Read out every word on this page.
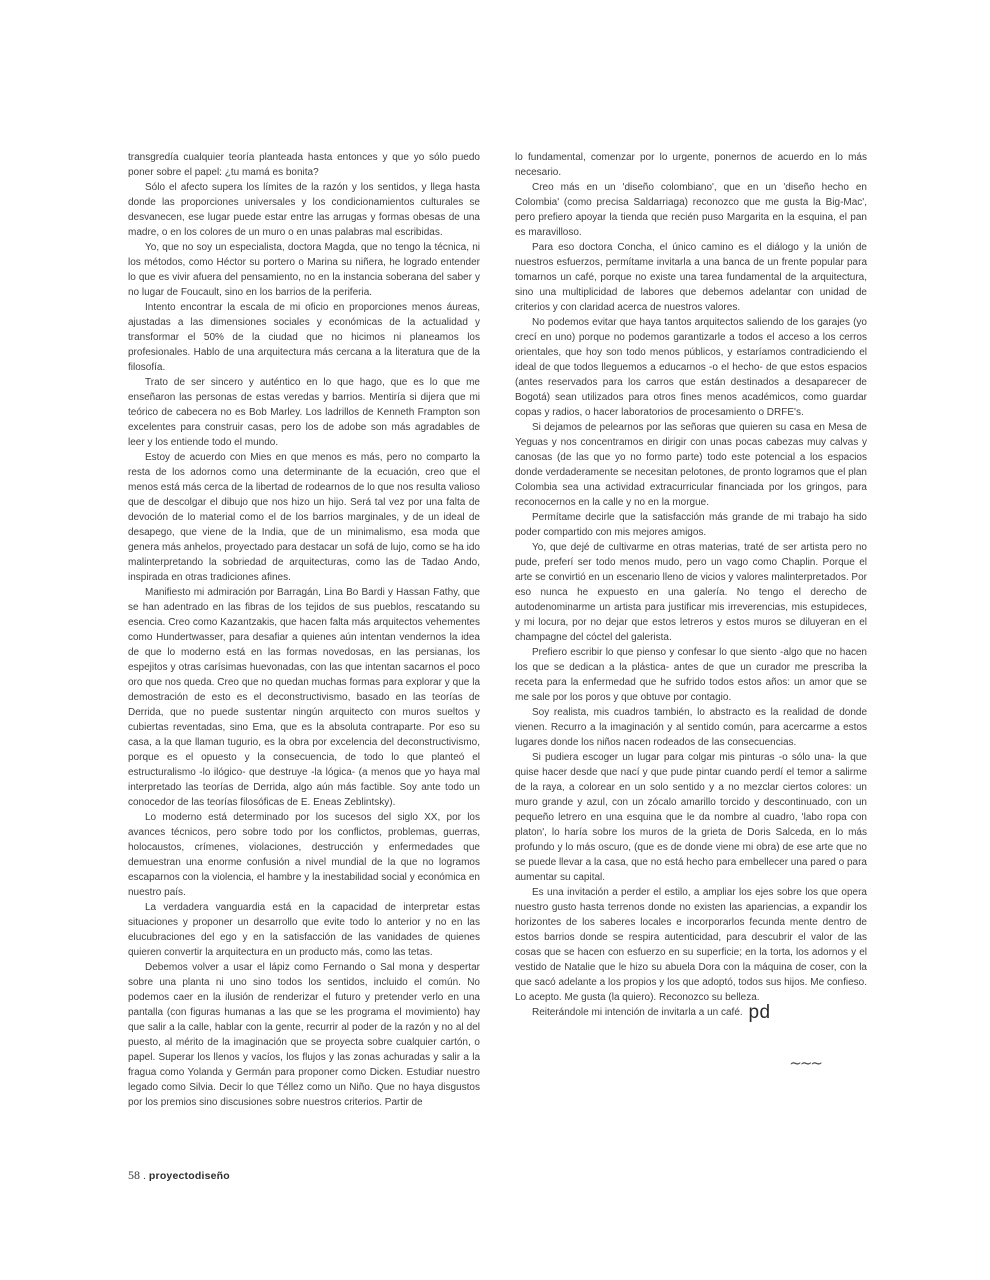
transgredía cualquier teoría planteada hasta entonces y que yo sólo puedo poner sobre el papel: ¿tu mamá es bonita?

Sólo el afecto supera los límites de la razón y los sentidos, y llega hasta donde las proporciones universales y los condicionamientos culturales se desvanecen, ese lugar puede estar entre las arrugas y formas obesas de una madre, o en los colores de un muro o en unas palabras mal escribidas.

Yo, que no soy un especialista, doctora Magda, que no tengo la técnica, ni los métodos, como Héctor su portero o Marina su niñera, he logrado entender lo que es vivir afuera del pensamiento, no en la instancia soberana del saber y no lugar de Foucault, sino en los barrios de la periferia.

Intento encontrar la escala de mi oficio en proporciones menos áureas, ajustadas a las dimensiones sociales y económicas de la actualidad y transformar el 50% de la ciudad que no hicimos ni planeamos los profesionales. Hablo de una arquitectura más cercana a la literatura que de la filosofía.

Trato de ser sincero y auténtico en lo que hago, que es lo que me enseñaron las personas de estas veredas y barrios. Mentiría si dijera que mi teórico de cabecera no es Bob Marley. Los ladrillos de Kenneth Frampton son excelentes para construir casas, pero los de adobe son más agradables de leer y los entiende todo el mundo.

Estoy de acuerdo con Mies en que menos es más, pero no comparto la resta de los adornos como una determinante de la ecuación, creo que el menos está más cerca de la libertad de rodearnos de lo que nos resulta valioso que de descolgar el dibujo que nos hizo un hijo. Será tal vez por una falta de devoción de lo material como el de los barrios marginales, y de un ideal de desapego, que viene de la India, que de un minimalismo, esa moda que genera más anhelos, proyectado para destacar un sofá de lujo, como se ha ido malinterpretando la sobriedad de arquitecturas, como las de Tadao Ando, inspirada en otras tradiciones afines.

Manifiesto mi admiración por Barragán, Lina Bo Bardi y Hassan Fathy, que se han adentrado en las fibras de los tejidos de sus pueblos, rescatando su esencia. Creo como Kazantzakis, que hacen falta más arquitectos vehementes como Hundertwasser, para desafiar a quienes aún intentan vendernos la idea de que lo moderno está en las formas novedosas, en las persianas, los espejitos y otras carísimas huevonadas, con las que intentan sacarnos el poco oro que nos queda. Creo que no quedan muchas formas para explorar y que la demostración de esto es el deconstructivismo, basado en las teorías de Derrida, que no puede sustentar ningún arquitecto con muros sueltos y cubiertas reventadas, sino Ema, que es la absoluta contraparte. Por eso su casa, a la que llaman tugurio, es la obra por excelencia del deconstructivismo, porque es el opuesto y la consecuencia, de todo lo que planteó el estructuralismo -lo ilógico- que destruye -la lógica- (a menos que yo haya mal interpretado las teorías de Derrida, algo aún más factible. Soy ante todo un conocedor de las teorías filosóficas de E. Eneas Zeblintsky).

Lo moderno está determinado por los sucesos del siglo XX, por los avances técnicos, pero sobre todo por los conflictos, problemas, guerras, holocaustos, crímenes, violaciones, destrucción y enfermedades que demuestran una enorme confusión a nivel mundial de la que no logramos escaparnos con la violencia, el hambre y la inestabilidad social y económica en nuestro país.

La verdadera vanguardia está en la capacidad de interpretar estas situaciones y proponer un desarrollo que evite todo lo anterior y no en las elucubraciones del ego y en la satisfacción de las vanidades de quienes quieren convertir la arquitectura en un producto más, como las tetas.

Debemos volver a usar el lápiz como Fernando o Sal mona y despertar sobre una planta ni uno sino todos los sentidos, incluido el común. No podemos caer en la ilusión de renderizar el futuro y pretender verlo en una pantalla (con figuras humanas a las que se les programa el movimiento) hay que salir a la calle, hablar con la gente, recurrir al poder de la razón y no al del puesto, al mérito de la imaginación que se proyecta sobre cualquier cartón, o papel. Superar los llenos y vacíos, los flujos y las zonas achuradas y salir a la fragua como Yolanda y Germán para proponer como Dicken. Estudiar nuestro legado como Silvia. Decir lo que Téllez como un Niño. Que no haya disgustos por los premios sino discusiones sobre nuestros criterios. Partir de

lo fundamental, comenzar por lo urgente, ponernos de acuerdo en lo más necesario.

Creo más en un 'diseño colombiano', que en un 'diseño hecho en Colombia' (como precisa Saldarriaga) reconozco que me gusta la Big-Mac', pero prefiero apoyar la tienda que recién puso Margarita en la esquina, el pan es maravilloso.

Para eso doctora Concha, el único camino es el diálogo y la unión de nuestros esfuerzos, permítame invitarla a una banca de un frente popular para tomarnos un café, porque no existe una tarea fundamental de la arquitectura, sino una multiplicidad de labores que debemos adelantar con unidad de criterios y con claridad acerca de nuestros valores.

No podemos evitar que haya tantos arquitectos saliendo de los garajes (yo crecí en uno) porque no podemos garantizarle a todos el acceso a los cerros orientales, que hoy son todo menos públicos, y estaríamos contradiciendo el ideal de que todos lleguemos a educarnos -o el hecho- de que estos espacios (antes reservados para los carros que están destinados a desaparecer de Bogotá) sean utilizados para otros fines menos académicos, como guardar copas y radios, o hacer laboratorios de procesamiento o DRFE's.

Si dejamos de pelearnos por las señoras que quieren su casa en Mesa de Yeguas y nos concentramos en dirigir con unas pocas cabezas muy calvas y canosas (de las que yo no formo parte) todo este potencial a los espacios donde verdaderamente se necesitan pelotones, de pronto logramos que el plan Colombia sea una actividad extracurricular financiada por los gringos, para reconocernos en la calle y no en la morgue.

Permítame decirle que la satisfacción más grande de mi trabajo ha sido poder compartido con mis mejores amigos.

Yo, que dejé de cultivarme en otras materias, traté de ser artista pero no pude, preferí ser todo menos mudo, pero un vago como Chaplin. Porque el arte se convirtió en un escenario lleno de vicios y valores malinterpretados. Por eso nunca he expuesto en una galería. No tengo el derecho de autodenominarme un artista para justificar mis irreverencias, mis estupideces, y mi locura, por no dejar que estos letreros y estos muros se diluyeran en el champagne del cóctel del galerista.

Prefiero escribir lo que pienso y confesar lo que siento -algo que no hacen los que se dedican a la plástica- antes de que un curador me prescriba la receta para la enfermedad que he sufrido todos estos años: un amor que se me sale por los poros y que obtuve por contagio.

Soy realista, mis cuadros también, lo abstracto es la realidad de donde vienen. Recurro a la imaginación y al sentido común, para acercarme a estos lugares donde los niños nacen rodeados de las consecuencias.

Si pudiera escoger un lugar para colgar mis pinturas -o sólo una- la que quise hacer desde que nací y que pude pintar cuando perdí el temor a salirme de la raya, a colorear en un solo sentido y a no mezclar ciertos colores: un muro grande y azul, con un zócalo amarillo torcido y descontinuado, con un pequeño letrero en una esquina que le da nombre al cuadro, 'labo ropa con platon', lo haría sobre los muros de la grieta de Doris Salceda, en lo más profundo y lo más oscuro, (que es de donde viene mi obra) de ese arte que no se puede llevar a la casa, que no está hecho para embellecer una pared o para aumentar su capital.

Es una invitación a perder el estilo, a ampliar los ejes sobre los que opera nuestro gusto hasta terrenos donde no existen las apariencias, a expandir los horizontes de los saberes locales e incorporarlos fecunda mente dentro de estos barrios donde se respira autenticidad, para descubrir el valor de las cosas que se hacen con esfuerzo en su superficie; en la torta, los adornos y el vestido de Natalie que le hizo su abuela Dora con la máquina de coser, con la que sacó adelante a los propios y los que adoptó, todos sus hijos. Me confieso. Lo acepto. Me gusta (la quiero). Reconozco su belleza.

Reiterándole mi intención de invitarla a un café. pd

~~~
58 . proyectodiseño
